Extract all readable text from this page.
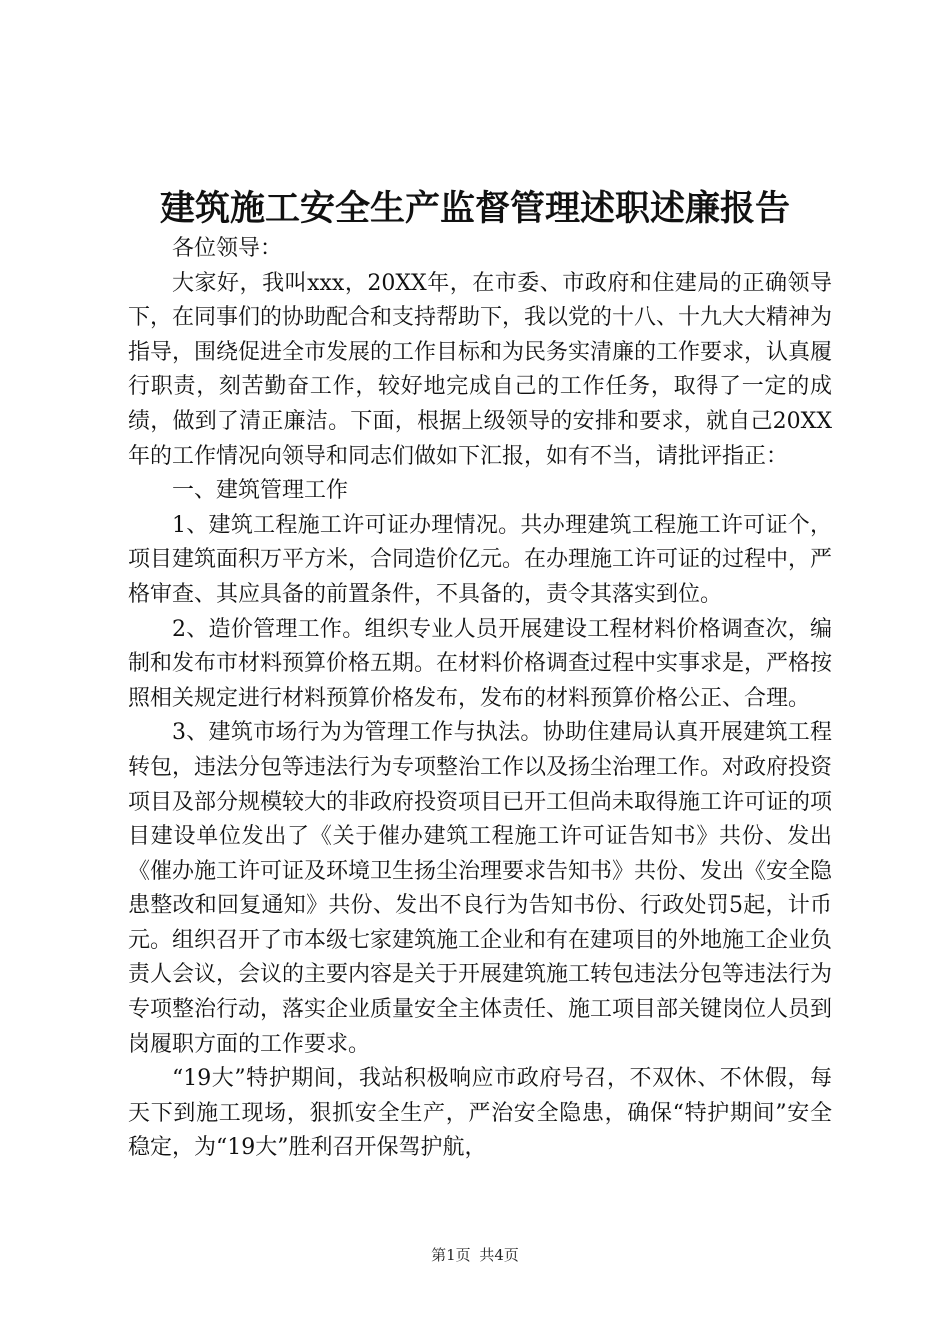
建筑施工安全生产监督管理述职述廉报告

各位领导：

大家好，我叫xxx，20XX年，在市委、市政府和住建局的正确领导下，在同事们的协助配合和支持帮助下，我以党的十八、十九大大精神为指导，围绕促进全市发展的工作目标和为民务实清廉的工作要求，认真履行职责，刻苦勤奋工作，较好地完成自己的工作任务，取得了一定的成绩，做到了清正廉洁。下面，根据上级领导的安排和要求，就自己20XX年的工作情况向领导和同志们做如下汇报，如有不当，请批评指正：

一、建筑管理工作

1、建筑工程施工许可证办理情况。共办理建筑工程施工许可证个，项目建筑面积万平方米，合同造价亿元。在办理施工许可证的过程中，严格审查、其应具备的前置条件，不具备的，责令其落实到位。

2、造价管理工作。组织专业人员开展建设工程材料价格调查次，编制和发布市材料预算价格五期。在材料价格调查过程中实事求是，严格按照相关规定进行材料预算价格发布，发布的材料预算价格公正、合理。

3、建筑市场行为为管理工作与执法。协助住建局认真开展建筑工程转包，违法分包等违法行为专项整治工作以及扬尘治理工作。对政府投资项目及部分规模较大的非政府投资项目已开工但尚未取得施工许可证的项目建设单位发出了《关于催办建筑工程施工许可证告知书》共份、发出《催办施工许可证及环境卫生扬尘治理要求告知书》共份、发出《安全隐患整改和回复通知》共份、发出不良行为告知书份、行政处罚5起，计币元。组织召开了市本级七家建筑施工企业和有在建项目的外地施工企业负责人会议，会议的主要内容是关于开展建筑施工转包违法分包等违法行为专项整治行动，落实企业质量安全主体责任、施工项目部关键岗位人员到岗履职方面的工作要求。

“19大”特护期间，我站积极响应市政府号召，不双休、不休假，每天下到施工现场，狠抓安全生产，严治安全隐患，确保“特护期间”安全稳定，为“19大”胜利召开保驾护航，

第1页 共4页
